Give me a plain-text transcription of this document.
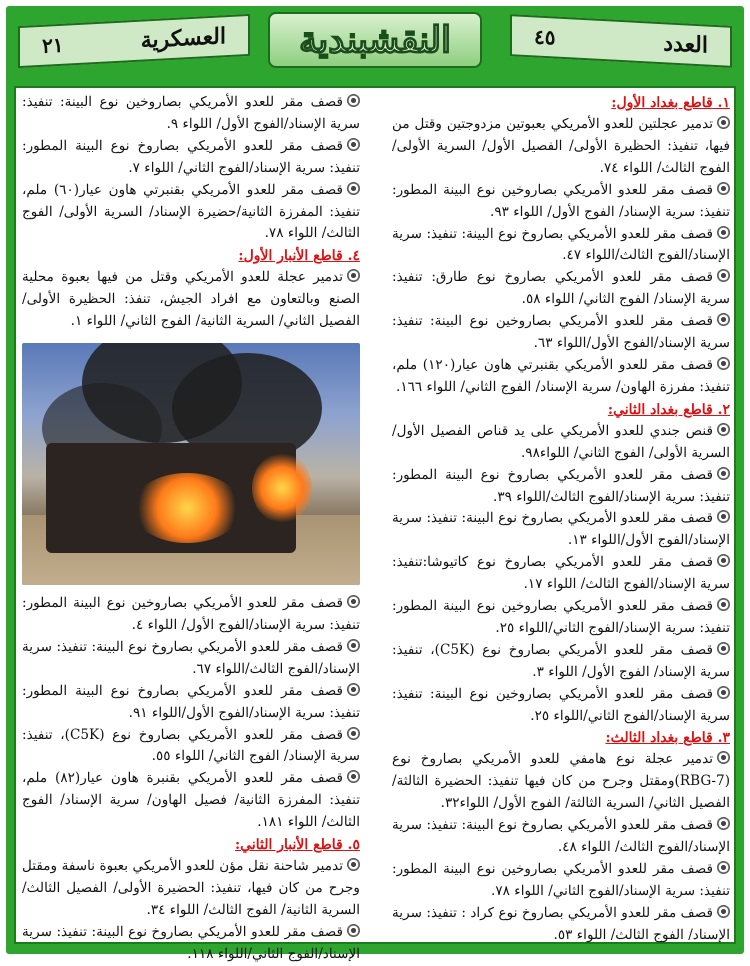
العسكرية
٢١	النقشبندية	العدد
٤٥

١. قاطع بغداد الأول:

تدمير عجلتين للعدو الأمريكي بعبوتين مزدوجتين وقتل من فيها، تنفيذ: الحظيرة الأولى/ الفصيل الأول/ السرية الأولى/ الفوج الثالث/ اللواء ٧٤.

قصف مقر للعدو الأمريكي بصاروخين نوع البينة المطور: تنفيذ: سرية الإسناد/ الفوج الأول/ اللواء ٩٣.

قصف مقر للعدو الأمريكي بصاروخ نوع البينة: تنفيذ: سرية الإسناد/الفوج الثالث/اللواء ٤٧.

قصف مقر للعدو الأمريكي بصاروخ نوع طارق: تنفيذ: سرية الإسناد/ الفوج الثاني/ اللواء ٥٨.

قصف مقر للعدو الأمريكي بصاروخين نوع البينة: تنفيذ: سرية الإسناد/الفوج الأول/اللواء ٦٣.

قصف مقر للعدو الأمريكي بقنبرتي هاون عيار(١٢٠) ملم، تنفيذ: مفرزة الهاون/ سرية الإسناد/ الفوج الثاني/ اللواء ١٦٦.

٢. قاطع بغداد الثاني:

قنص جندي للعدو الأمريكي على يد قناص الفصيل الأول/ السرية الأولى/ الفوج الثاني/ اللواء٩٨.

قصف مقر للعدو الأمريكي بصاروخ نوع البينة المطور: تنفيذ: سرية الإسناد/الفوج الثالث/اللواء ٣٩.

قصف مقر للعدو الأمريكي بصاروخ نوع البينة: تنفيذ: سرية الإسناد/الفوج الأول/اللواء ١٣.

قصف مقر للعدو الأمريكي بصاروخ نوع كاتيوشا:تنفيذ: سرية الإسناد/الفوج الثالث/ اللواء ١٧.

قصف مقر للعدو الأمريكي بصاروخين نوع البينة المطور: تنفيذ: سرية الإسناد/الفوج الثاني/اللواء ٢٥.

قصف مقر للعدو الأمريكي بصاروخ نوع (C5K)، تنفيذ: سرية الإسناد/ الفوج الأول/ اللواء ٣.

قصف مقر للعدو الأمريكي بصاروخين نوع البينة: تنفيذ: سرية الإسناد/الفوج الثاني/اللواء ٢٥.

٣. قاطع بغداد الثالث:

تدمير عجلة نوع هامفي للعدو الأمريكي بصاروخ نوع (RBG-7)ومقتل وجرح من كان فيها تنفيذ: الحضيرة الثالثة/الفصيل الثاني/ السرية الثالثة/ الفوج الأول/ اللواء٣٢.

قصف مقر للعدو الأمريكي بصاروخ نوع البينة: تنفيذ: سرية الإسناد/الفوج الثالث/ اللواء ٤٨.

قصف مقر للعدو الأمريكي بصاروخين نوع البينة المطور: تنفيذ: سرية الإسناد/الفوج الثاني/ اللواء ٧٨.

قصف مقر للعدو الأمريكي بصاروخ نوع كراد : تنفيذ: سرية الإسناد/ الفوج الثالث/ اللواء ٥٣.

قصف مقر للعدو الأمريكي بصاروخين نوع البينة: تنفيذ: سرية الإسناد/الفوج الأول/ اللواء ٩.

قصف مقر للعدو الأمريكي بصاروخ نوع البينة المطور: تنفيذ: سرية الإسناد/الفوج الثاني/ اللواء ٧.

قصف مقر للعدو الأمريكي بقنبرتي هاون عيار(٦٠) ملم، تنفيذ: المفرزة الثانية/حضيرة الإسناد/ السرية الأولى/ الفوج الثالث/ اللواء ٧٨.

٤. قاطع الأنبار الأول:

تدمير عجلة للعدو الأمريكي وقتل من فيها بعبوة محلية الصنع وبالتعاون مع افراد الجيش، تنفذ: الحظيرة الأولى/ الفصيل الثاني/ السرية الثانية/ الفوج الثاني/ اللواء ١.

قصف مقر للعدو الأمريكي بصاروخين نوع البينة المطور: تنفيذ: سرية الإسناد/الفوج الأول/ اللواء ٤.

قصف مقر للعدو الأمريكي بصاروخ نوع البينة: تنفيذ: سرية الإسناد/الفوج الثالث/اللواء ٦٧.

قصف مقر للعدو الأمريكي بصاروخ نوع البينة المطور: تنفيذ: سرية الإسناد/الفوج الأول/اللواء ٩١.

قصف مقر للعدو الأمريكي بصاروخ نوع (C5K)، تنفيذ: سرية الإسناد/ الفوج الثاني/ اللواء ٥٥.

قصف مقر للعدو الأمريكي بقنبرة هاون عيار(٨٢) ملم، تنفيذ: المفرزة الثانية/ فصيل الهاون/ سرية الإسناد/ الفوج الثالث/ اللواء ١٨١.

٥. قاطع الأنبار الثاني:

تدمير شاحنة نقل مؤن للعدو الأمريكي بعبوة ناسفة ومقتل وجرح من كان فيها، تنفيذ: الحضيرة الأولى/ الفصيل الثالث/ السرية الثانية/ الفوج الثالث/ اللواء ٣٤.

قصف مقر للعدو الأمريكي بصاروخ نوع البينة: تنفيذ: سرية الإسناد/الفوج الثاني/اللواء ١١٨.
